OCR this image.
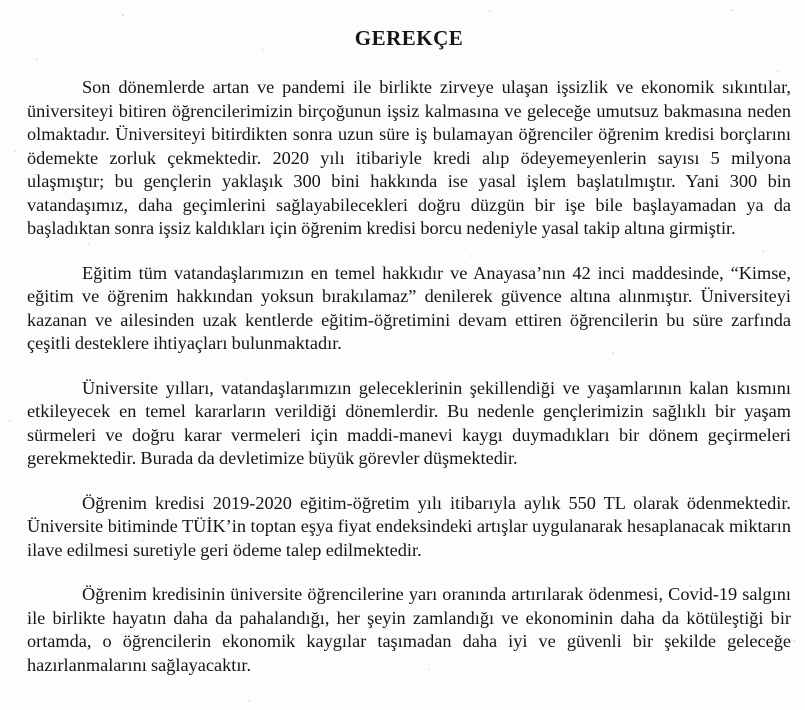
GEREKÇE

Son dönemlerde artan ve pandemi ile birlikte zirveye ulaşan işsizlik ve ekonomik sıkıntılar, üniversiteyi bitiren öğrencilerimizin birçoğunun işsiz kalmasına ve geleceğe umutsuz bakmasına neden olmaktadır. Üniversiteyi bitirdikten sonra uzun süre iş bulamayan öğrenciler öğrenim kredisi borçlarını ödemekte zorluk çekmektedir. 2020 yılı itibariyle kredi alıp ödeyemeyenlerin sayısı 5 milyona ulaşmıştır; bu gençlerin yaklaşık 300 bini hakkında ise yasal işlem başlatılmıştır. Yani 300 bin vatandaşımız, daha geçimlerini sağlayabilecekleri doğru düzgün bir işe bile başlayamadan ya da başladıktan sonra işsiz kaldıkları için öğrenim kredisi borcu nedeniyle yasal takip altına girmiştir.

Eğitim tüm vatandaşlarımızın en temel hakkıdır ve Anayasa’nın 42 inci maddesinde, “Kimse, eğitim ve öğrenim hakkından yoksun bırakılamaz” denilerek güvence altına alınmıştır. Üniversiteyi kazanan ve ailesinden uzak kentlerde eğitim-öğretimini devam ettiren öğrencilerin bu süre zarfında çeşitli desteklere ihtiyaçları bulunmaktadır.

Üniversite yılları, vatandaşlarımızın geleceklerinin şekillendiği ve yaşamlarının kalan kısmını etkileyecek en temel kararların verildiği dönemlerdir. Bu nedenle gençlerimizin sağlıklı bir yaşam sürmeleri ve doğru karar vermeleri için maddi-manevi kaygı duymadıkları bir dönem geçirmeleri gerekmektedir. Burada da devletimize büyük görevler düşmektedir.

Öğrenim kredisi 2019-2020 eğitim-öğretim yılı itibarıyla aylık 550 TL olarak ödenmektedir. Üniversite bitiminde TÜİK’in toptan eşya fiyat endeksindeki artışlar uygulanarak hesaplanacak miktarın ilave edilmesi suretiyle geri ödeme talep edilmektedir.

Öğrenim kredisinin üniversite öğrencilerine yarı oranında artırılarak ödenmesi, Covid-19 salgını ile birlikte hayatın daha da pahalandığı, her şeyin zamlandığı ve ekonominin daha da kötüleştiği bir ortamda, o öğrencilerin ekonomik kaygılar taşımadan daha iyi ve güvenli bir şekilde geleceğe hazırlanmalarını sağlayacaktır.
